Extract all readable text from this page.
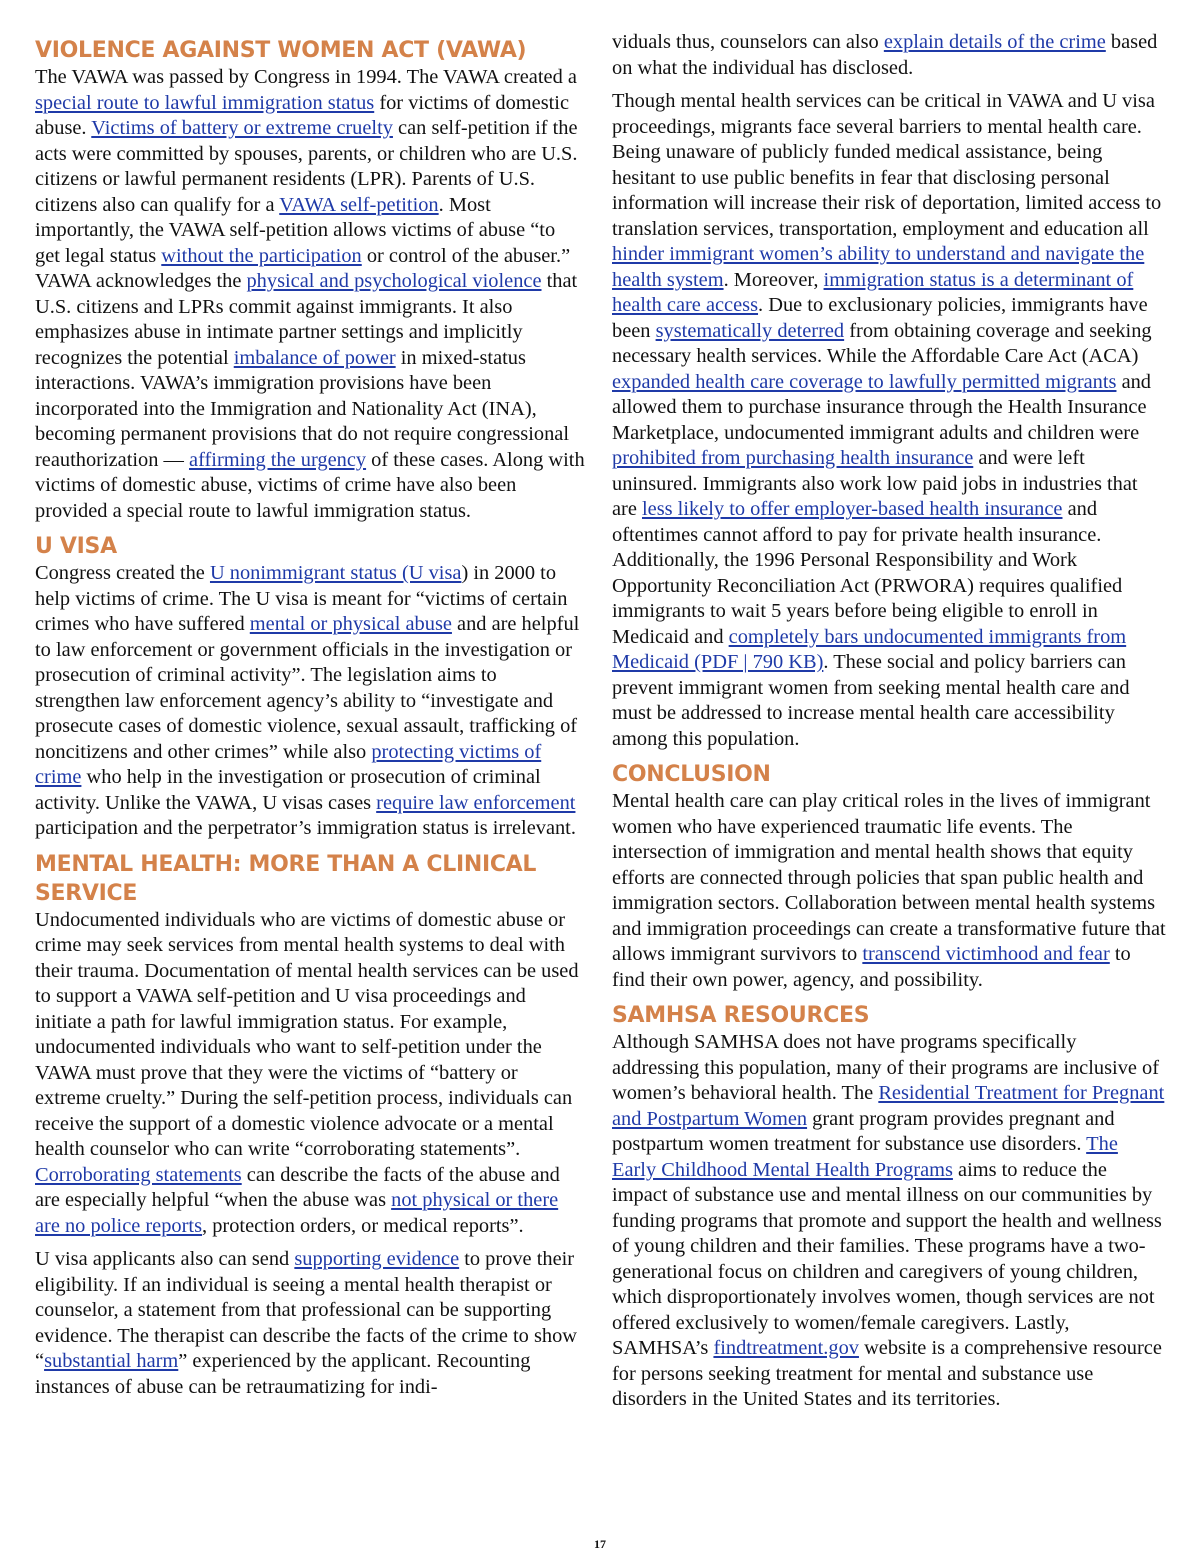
VIOLENCE AGAINST WOMEN ACT (VAWA)

The VAWA was passed by Congress in 1994. The VAWA created a special route to lawful immigration status for victims of domestic abuse. Victims of battery or extreme cruelty can self-petition if the acts were committed by spouses, parents, or children who are U.S. citizens or lawful permanent residents (LPR). Parents of U.S. citizens also can qualify for a VAWA self-petition. Most importantly, the VAWA self-petition allows victims of abuse “to get legal status without the participation or control of the abuser.” VAWA acknowledges the physical and psychological violence that U.S. citizens and LPRs commit against immigrants. It also emphasizes abuse in intimate partner settings and implicitly recognizes the potential imbalance of power in mixed-status interactions. VAWA’s immigration provisions have been incorporated into the Immigration and Nationality Act (INA), becoming permanent provisions that do not require congressional reauthorization — affirming the urgency of these cases. Along with victims of domestic abuse, victims of crime have also been provided a special route to lawful immigration status.

U VISA

Congress created the U nonimmigrant status (U visa) in 2000 to help victims of crime. The U visa is meant for “victims of certain crimes who have suffered mental or physical abuse and are helpful to law enforcement or government officials in the investigation or prosecution of criminal activity”. The legislation aims to strengthen law enforcement agency’s ability to “investigate and prosecute cases of domestic violence, sexual assault, trafficking of noncitizens and other crimes” while also protecting victims of crime who help in the investigation or prosecution of criminal activity. Unlike the VAWA, U visas cases require law enforcement participation and the perpetrator’s immigration status is irrelevant.

MENTAL HEALTH: MORE THAN A CLINICAL SERVICE

Undocumented individuals who are victims of domestic abuse or crime may seek services from mental health systems to deal with their trauma. Documentation of mental health services can be used to support a VAWA self-petition and U visa proceedings and initiate a path for lawful immigration status. For example, undocumented individuals who want to self-petition under the VAWA must prove that they were the victims of “battery or extreme cruelty.” During the self-petition process, individuals can receive the support of a domestic violence advocate or a mental health counselor who can write “corroborating statements”. Corroborating statements can describe the facts of the abuse and are especially helpful “when the abuse was not physical or there are no police reports, protection orders, or medical reports”.

U visa applicants also can send supporting evidence to prove their eligibility. If an individual is seeing a mental health therapist or counselor, a statement from that professional can be supporting evidence. The therapist can describe the facts of the crime to show “substantial harm” experienced by the applicant. Recounting instances of abuse can be retraumatizing for indi-

viduals thus, counselors can also explain details of the crime based on what the individual has disclosed.

Though mental health services can be critical in VAWA and U visa proceedings, migrants face several barriers to mental health care. Being unaware of publicly funded medical assistance, being hesitant to use public benefits in fear that disclosing personal information will increase their risk of deportation, limited access to translation services, transportation, employment and education all hinder immigrant women’s ability to understand and navigate the health system. Moreover, immigration status is a determinant of health care access. Due to exclusionary policies, immigrants have been systematically deterred from obtaining coverage and seeking necessary health services. While the Affordable Care Act (ACA) expanded health care coverage to lawfully permitted migrants and allowed them to purchase insurance through the Health Insurance Marketplace, undocumented immigrant adults and children were prohibited from purchasing health insurance and were left uninsured. Immigrants also work low paid jobs in industries that are less likely to offer employer-based health insurance and oftentimes cannot afford to pay for private health insurance. Additionally, the 1996 Personal Responsibility and Work Opportunity Reconciliation Act (PRWORA) requires qualified immigrants to wait 5 years before being eligible to enroll in Medicaid and completely bars undocumented immigrants from Medicaid (PDF | 790 KB). These social and policy barriers can prevent immigrant women from seeking mental health care and must be addressed to increase mental health care accessibility among this population.

CONCLUSION

Mental health care can play critical roles in the lives of immigrant women who have experienced traumatic life events. The intersection of immigration and mental health shows that equity efforts are connected through policies that span public health and immigration sectors. Collaboration between mental health systems and immigration proceedings can create a transformative future that allows immigrant survivors to transcend victimhood and fear to find their own power, agency, and possibility.

SAMHSA RESOURCES

Although SAMHSA does not have programs specifically addressing this population, many of their programs are inclusive of women’s behavioral health. The Residential Treatment for Pregnant and Postpartum Women grant program provides pregnant and postpartum women treatment for substance use disorders. The Early Childhood Mental Health Programs aims to reduce the impact of substance use and mental illness on our communities by funding programs that promote and support the health and wellness of young children and their families. These programs have a two-generational focus on children and caregivers of young children, which disproportionately involves women, though services are not offered exclusively to women/female caregivers. Lastly, SAMHSA’s findtreatment.gov website is a comprehensive resource for persons seeking treatment for mental and substance use disorders in the United States and its territories.

17
